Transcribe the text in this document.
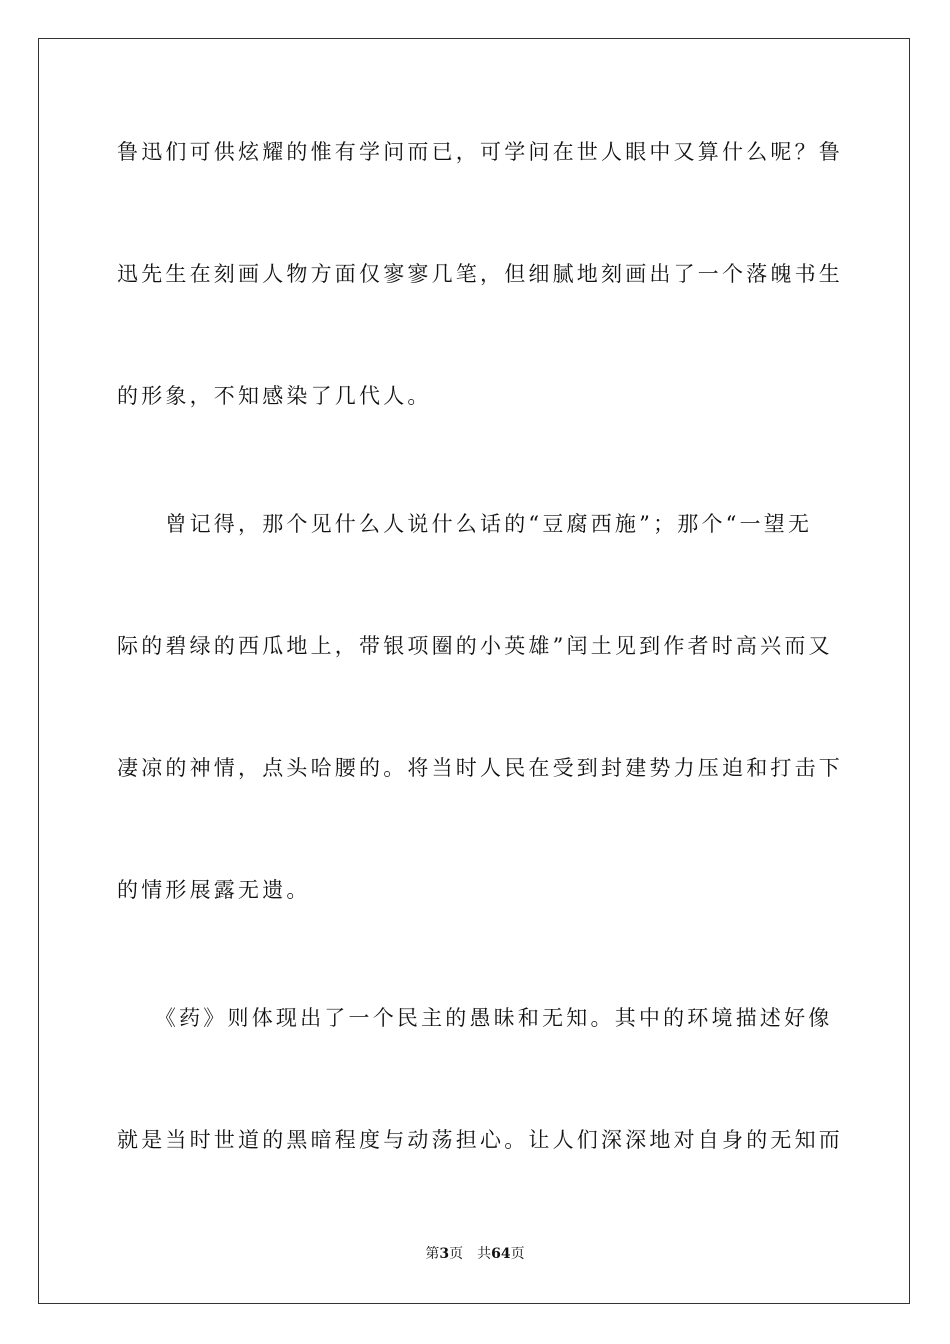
鲁迅们可供炫耀的惟有学问而已，可学问在世人眼中又算什么呢？鲁
迅先生在刻画人物方面仅寥寥几笔，但细腻地刻画出了一个落魄书生
的形象，不知感染了几代人。
　　曾记得，那个见什么人说什么话的“豆腐西施”；那个“一望无
际的碧绿的西瓜地上，带银项圈的小英雄”闰土见到作者时高兴而又
凄凉的神情，点头哈腰的。将当时人民在受到封建势力压迫和打击下
的情形展露无遗。
　　《药》则体现出了一个民主的愚昧和无知。其中的环境描述好像
就是当时世道的黑暗程度与动荡担心。让人们深深地对自身的无知而
第3页　共64页
